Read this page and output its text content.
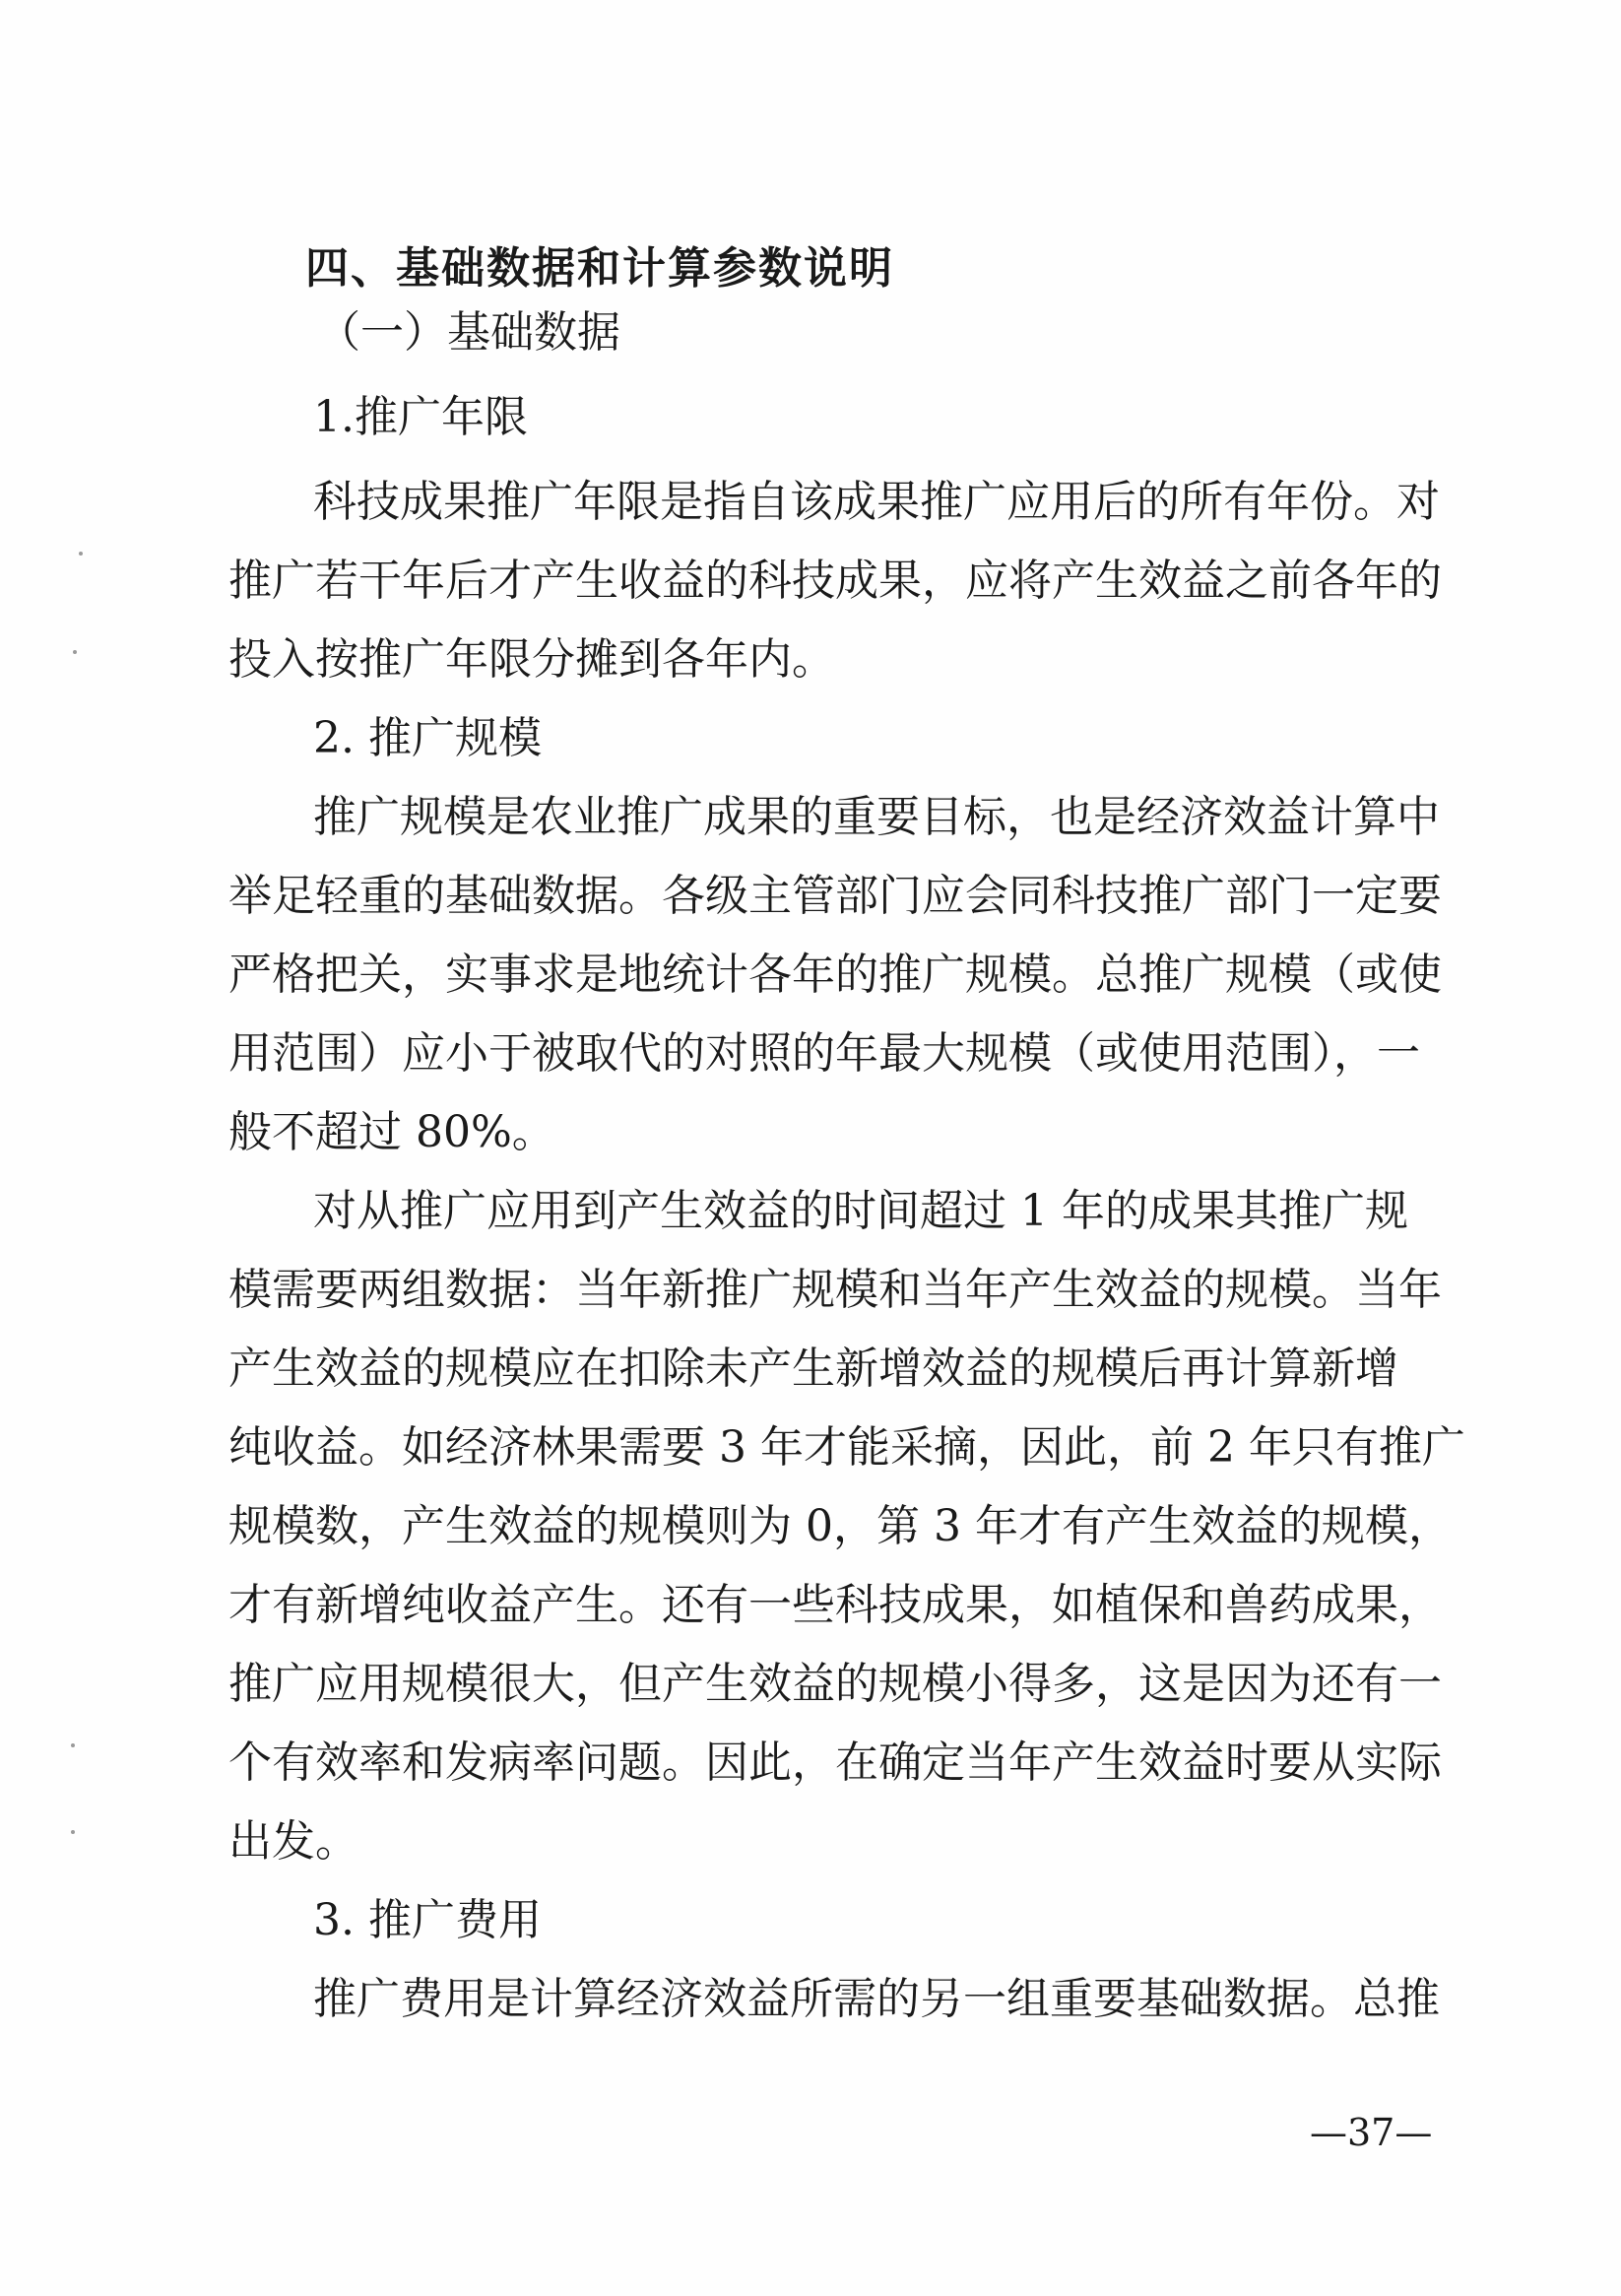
四、基础数据和计算参数说明
（一）基础数据
1.推广年限
科技成果推广年限是指自该成果推广应用后的所有年份。对
推广若干年后才产生收益的科技成果，应将产生效益之前各年的
投入按推广年限分摊到各年内。
2. 推广规模
推广规模是农业推广成果的重要目标，也是经济效益计算中
举足轻重的基础数据。各级主管部门应会同科技推广部门一定要
严格把关，实事求是地统计各年的推广规模。总推广规模（或使
用范围）应小于被取代的对照的年最大规模（或使用范围），一
般不超过 80%。
对从推广应用到产生效益的时间超过 1 年的成果其推广规
模需要两组数据：当年新推广规模和当年产生效益的规模。当年
产生效益的规模应在扣除未产生新增效益的规模后再计算新增
纯收益。如经济林果需要 3 年才能采摘，因此，前 2 年只有推广
规模数，产生效益的规模则为 0，第 3 年才有产生效益的规模，
才有新增纯收益产生。还有一些科技成果，如植保和兽药成果，
推广应用规模很大，但产生效益的规模小得多，这是因为还有一
个有效率和发病率问题。因此，在确定当年产生效益时要从实际
出发。
3. 推广费用
推广费用是计算经济效益所需的另一组重要基础数据。总推
—37—
